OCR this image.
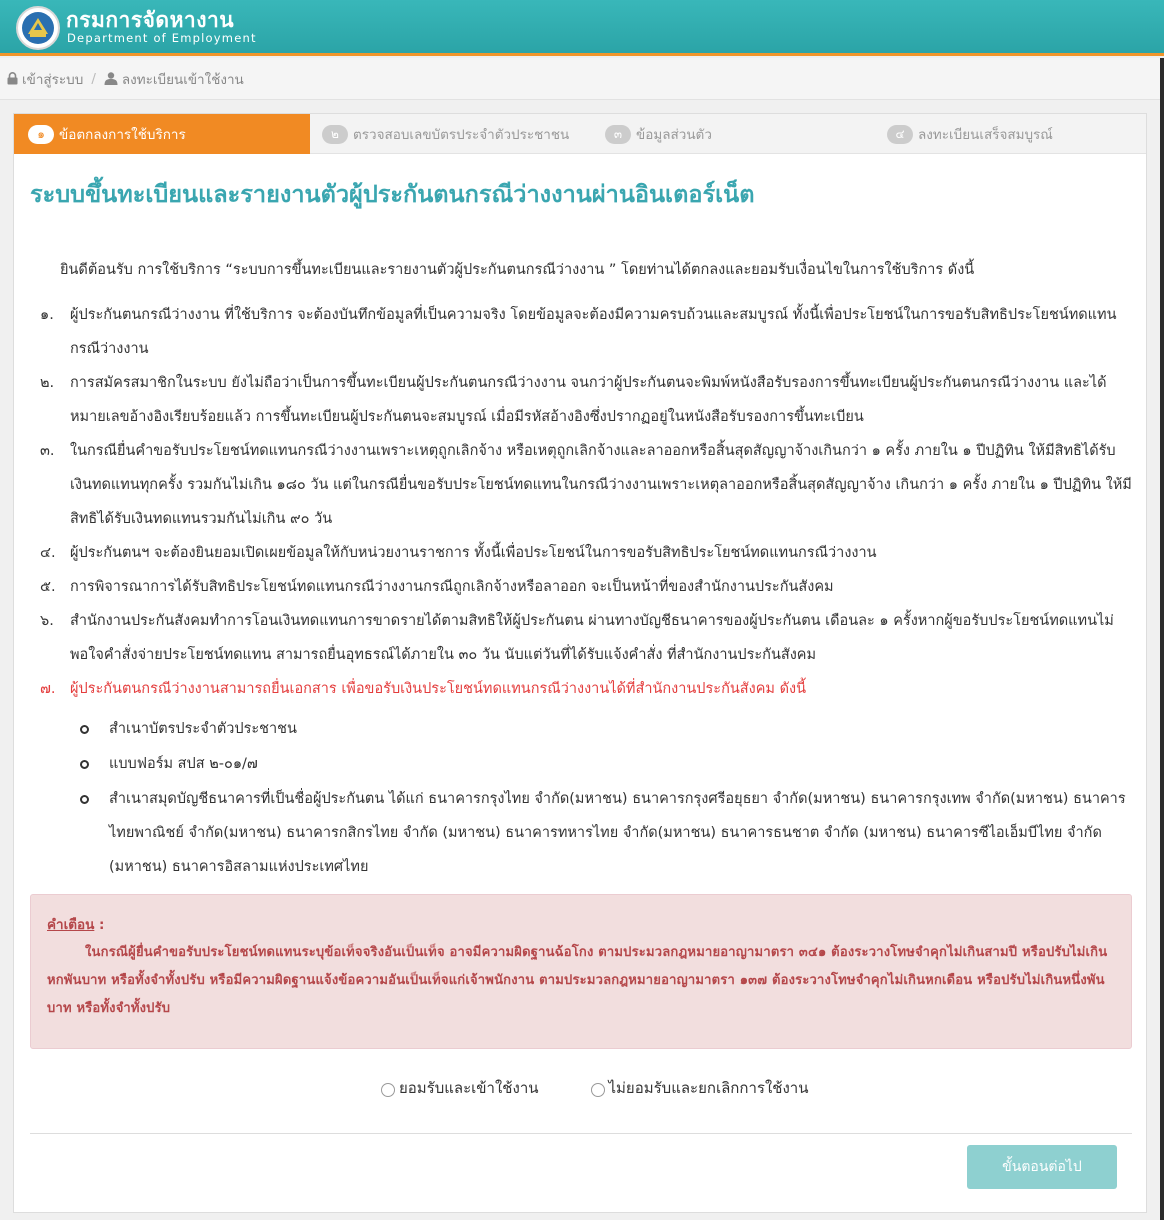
กรมการจัดหางาน
Department of Employment
เข้าสู่ระบบ / ลงทะเบียนเข้าใช้งาน
๑	ข้อตกลงการใช้บริการ	๒	ตรวจสอบเลขบัตรประจำตัวประชาชน	๓	ข้อมูลส่วนตัว	๔ ลงทะเบียนเสร็จสมบูรณ์
ระบบขึ้นทะเบียนและรายงานตัวผู้ประกันตนกรณีว่างงานผ่านอินเตอร์เน็ต
ยินดีต้อนรับ การใช้บริการ “ระบบการขึ้นทะเบียนและรายงานตัวผู้ประกันตนกรณีว่างงาน ” โดยท่านได้ตกลงและยอมรับเงื่อนไขในการใช้บริการ ดังนี้
๑.	ผู้ประกันตนกรณีว่างงาน ที่ใช้บริการ จะต้องบันทึกข้อมูลที่เป็นความจริง โดยข้อมูลจะต้องมีความครบถ้วนและสมบูรณ์ ทั้งนี้เพื่อประโยชน์ในการขอรับสิทธิประโยชน์ทดแทนกรณีว่างงาน
๒.	การสมัครสมาชิกในระบบ ยังไม่ถือว่าเป็นการขึ้นทะเบียนผู้ประกันตนกรณีว่างงาน จนกว่าผู้ประกันตนจะพิมพ์หนังสือรับรองการขึ้นทะเบียนผู้ประกันตนกรณีว่างงาน และได้หมายเลขอ้างอิงเรียบร้อยแล้ว การขึ้นทะเบียนผู้ประกันตนจะสมบูรณ์ เมื่อมีรหัสอ้างอิงซึ่งปรากฏอยู่ในหนังสือรับรองการขึ้นทะเบียน
๓.	ในกรณียื่นคำขอรับประโยชน์ทดแทนกรณีว่างงานเพราะเหตุถูกเลิกจ้าง หรือเหตุถูกเลิกจ้างและลาออกหรือสิ้นสุดสัญญาจ้างเกินกว่า ๑ ครั้ง ภายใน ๑ ปีปฏิทิน ให้มีสิทธิได้รับเงินทดแทนทุกครั้ง รวมกันไม่เกิน ๑๘๐ วัน แต่ในกรณียื่นขอรับประโยชน์ทดแทนในกรณีว่างงานเพราะเหตุลาออกหรือสิ้นสุดสัญญาจ้าง เกินกว่า ๑ ครั้ง ภายใน ๑ ปีปฏิทิน ให้มีสิทธิได้รับเงินทดแทนรวมกันไม่เกิน ๙๐ วัน
๔. ผู้ประกันตนฯ จะต้องยินยอมเปิดเผยข้อมูลให้กับหน่วยงานราชการ ทั้งนี้เพื่อประโยชน์ในการขอรับสิทธิประโยชน์ทดแทนกรณีว่างงาน
๕. การพิจารณาการได้รับสิทธิประโยชน์ทดแทนกรณีว่างงานกรณีถูกเลิกจ้างหรือลาออก จะเป็นหน้าที่ของสำนักงานประกันสังคม
๖.	สำนักงานประกันสังคมทำการโอนเงินทดแทนการขาดรายได้ตามสิทธิให้ผู้ประกันตน ผ่านทางบัญชีธนาคารของผู้ประกันตน เดือนละ ๑ ครั้งหากผู้ขอรับประโยชน์ทดแทนไม่พอใจคำสั่งจ่ายประโยชน์ทดแทน สามารถยื่นอุทธรณ์ได้ภายใน ๓๐ วัน นับแต่วันที่ได้รับแจ้งคำสั่ง ที่สำนักงานประกันสังคม
๗. ผู้ประกันตนกรณีว่างงานสามารถยื่นเอกสาร เพื่อขอรับเงินประโยชน์ทดแทนกรณีว่างงานได้ที่สำนักงานประกันสังคม ดังนี้
สำเนาบัตรประจำตัวประชาชน
แบบฟอร์ม สปส ๒-๐๑/๗
สำเนาสมุดบัญชีธนาคารที่เป็นชื่อผู้ประกันตน ได้แก่ ธนาคารกรุงไทย จำกัด(มหาชน) ธนาคารกรุงศรีอยุธยา จำกัด(มหาชน) ธนาคารกรุงเทพ จำกัด(มหาชน) ธนาคารไทยพาณิชย์ จำกัด(มหาชน) ธนาคารกสิกรไทย จำกัด (มหาชน) ธนาคารทหารไทย จำกัด(มหาชน) ธนาคารธนชาต จำกัด (มหาชน) ธนาคารซีไอเอ็มบีไทย จำกัด (มหาชน) ธนาคารอิสลามแห่งประเทศไทย
คำเตือน :
ในกรณีผู้ยื่นคำขอรับประโยชน์ทดแทนระบุข้อเท็จจริงอันเป็นเท็จ อาจมีความผิดฐานฉ้อโกง ตามประมวลกฎหมายอาญามาตรา ๓๔๑ ต้องระวางโทษจำคุกไม่เกินสามปี หรือปรับไม่เกินหกพันบาท หรือทั้งจำทั้งปรับ หรือมีความผิดฐานแจ้งข้อความอันเป็นเท็จแก่เจ้าพนักงาน ตามประมวลกฎหมายอาญามาตรา ๑๓๗ ต้องระวางโทษจำคุกไม่เกินหกเดือน หรือปรับไม่เกินหนึ่งพันบาท หรือทั้งจำทั้งปรับ
ยอมรับและเข้าใช้งาน	ไม่ยอมรับและยกเลิกการใช้งาน
ขั้นตอนต่อไป
